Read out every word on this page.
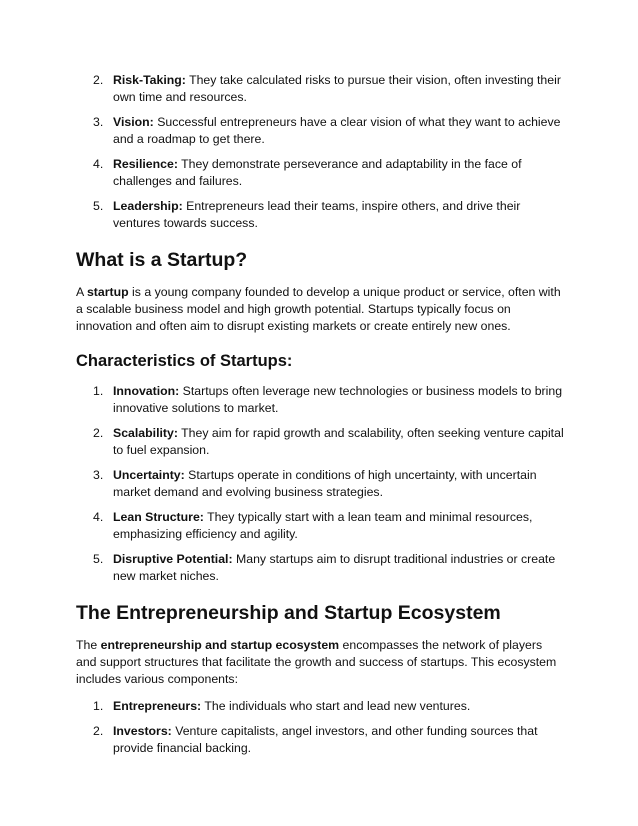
2. Risk-Taking: They take calculated risks to pursue their vision, often investing their own time and resources.
3. Vision: Successful entrepreneurs have a clear vision of what they want to achieve and a roadmap to get there.
4. Resilience: They demonstrate perseverance and adaptability in the face of challenges and failures.
5. Leadership: Entrepreneurs lead their teams, inspire others, and drive their ventures towards success.
What is a Startup?

A startup is a young company founded to develop a unique product or service, often with a scalable business model and high growth potential. Startups typically focus on innovation and often aim to disrupt existing markets or create entirely new ones.

Characteristics of Startups:
1. Innovation: Startups often leverage new technologies or business models to bring innovative solutions to market.
2. Scalability: They aim for rapid growth and scalability, often seeking venture capital to fuel expansion.
3. Uncertainty: Startups operate in conditions of high uncertainty, with uncertain market demand and evolving business strategies.
4. Lean Structure: They typically start with a lean team and minimal resources, emphasizing efficiency and agility.
5. Disruptive Potential: Many startups aim to disrupt traditional industries or create new market niches.
The Entrepreneurship and Startup Ecosystem

The entrepreneurship and startup ecosystem encompasses the network of players and support structures that facilitate the growth and success of startups. This ecosystem includes various components:

1. Entrepreneurs: The individuals who start and lead new ventures.
2. Investors: Venture capitalists, angel investors, and other funding sources that provide financial backing.
